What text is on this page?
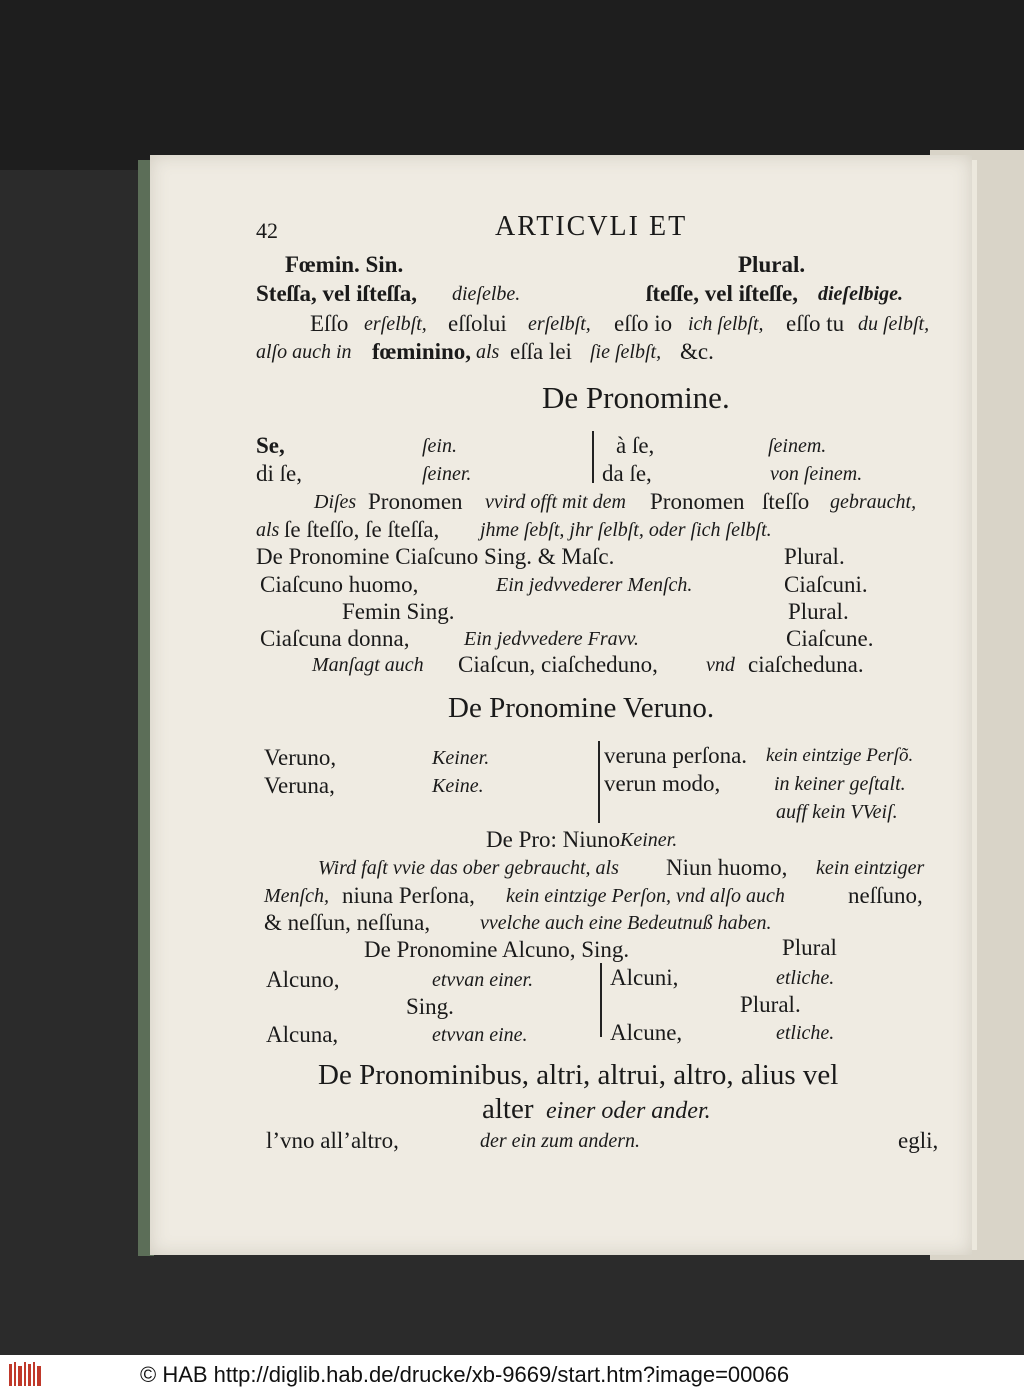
42	ARTICVLI ET
Fœmin. Sin.	Plural.
Steſſa, vel iſteſſa, dieſelbe.	ſteſſe, vel iſteſſe, dieſelbige.
Eſſo erſelbſt, eſſolui erſelbſt, eſſo io ich ſelbſt, eſſo tu du ſelbſt,
alſo auch in fœminino, als eſſa lei ſie ſelbſt, &c.
De Pronomine.
Se,	ſein.	à ſe,	ſeinem.
di ſe,	ſeiner.	da ſe,	von ſeinem.
Diſes Pronomen vvird offt mit dem Pronomen ſteſſo gebraucht,
als ſe ſteſſo, ſe ſteſſa, jhme ſebſt, jhr ſelbſt, oder ſich ſelbſt.
De Pronomine Ciaſcuno Sing. & Maſc.	Plural.
Ciaſcuno huomo,	Ein jedvvederer Menſch.	Ciaſcuni.
Femin Sing.	Plural.
Ciaſcuna donna,	Ein jedvvedere Fravv.	Ciaſcune.
Manſagt auch Ciaſcun, ciaſcheduno, vnd ciaſcheduna.
De Pronomine Veruno.
Veruno,	Keiner.	veruna perſona. kein eintzige Perſõ.
Veruna,	Keine.	verun modo,	in keiner geſtalt.
auff kein VVeiſ.
De Pro: Niuno Keiner.
Wird faſt vvie das ober gebraucht, als Niun huomo, kein eintziger
Menſch, niuna Perſona, kein eintzige Perſon, vnd alſo auch	neſſuno,
& neſſun, neſſuna, vvelche auch eine Bedeutnuß haben.
De Pronomine Alcuno, Sing.	Plural
Alcuno,	etvvan einer.	Alcuni,	etliche.
Sing.	Plural.
Alcuna,	etvvan eine.	Alcune,	etliche.
De Pronominibus, altri, altrui, altro, alius vel
alter einer oder ander.
l’vno all’altro,	der ein zum andern.	egli,
© HAB http://diglib.hab.de/drucke/xb-9669/start.htm?image=00066
